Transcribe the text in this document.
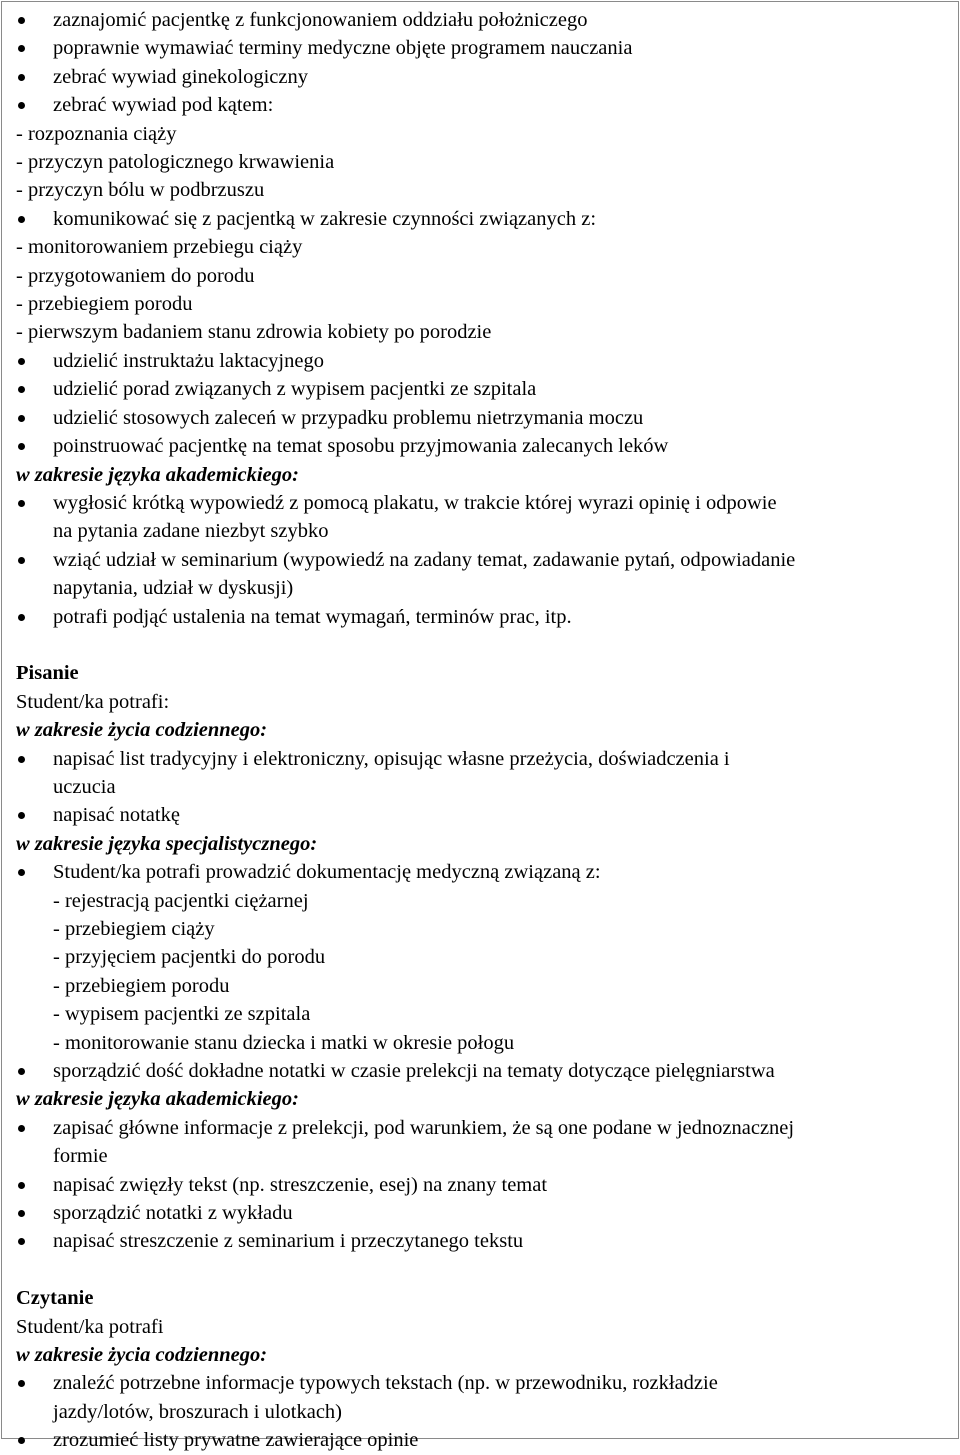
zaznajomić pacjentkę z funkcjonowaniem oddziału położniczego
poprawnie wymawiać terminy medyczne objęte programem nauczania
zebrać wywiad ginekologiczny
zebrać wywiad pod kątem:
- rozpoznania ciąży
- przyczyn patologicznego krwawienia
- przyczyn bólu w podbrzuszu
komunikować się z pacjentką w zakresie czynności związanych z:
- monitorowaniem przebiegu ciąży
- przygotowaniem do porodu
- przebiegiem porodu
- pierwszym badaniem stanu zdrowia kobiety po porodzie
udzielić instruktażu laktacyjnego
udzielić porad związanych z wypisem pacjentki ze szpitala
udzielić stosowych zaleceń w przypadku problemu nietrzymania moczu
poinstruować pacjentkę na temat sposobu przyjmowania zalecanych leków
w zakresie języka akademickiego:
wygłosić krótką wypowiedź z pomocą plakatu, w trakcie której wyrazi opinię i odpowie
na pytania zadane niezbyt szybko
wziąć udział w seminarium (wypowiedź na zadany temat, zadawanie pytań, odpowiadanie
napytania, udział w dyskusji)
potrafi podjąć ustalenia na temat wymagań, terminów prac, itp.
Pisanie
Student/ka potrafi:
w zakresie życia codziennego:
napisać list tradycyjny i elektroniczny, opisując własne przeżycia, doświadczenia i
uczucia
napisać notatkę
w zakresie języka specjalistycznego:
Student/ka potrafi prowadzić dokumentację medyczną związaną z:
- rejestracją pacjentki ciężarnej
- przebiegiem ciąży
- przyjęciem pacjentki do porodu
- przebiegiem porodu
- wypisem pacjentki ze szpitala
- monitorowanie stanu dziecka i matki w okresie połogu
sporządzić dość dokładne notatki w czasie prelekcji na tematy dotyczące pielęgniarstwa
w zakresie języka akademickiego:
zapisać główne informacje z prelekcji, pod warunkiem, że są one podane w jednoznacznej
formie
napisać zwięzły tekst (np. streszczenie, esej) na znany temat
sporządzić notatki z wykładu
napisać streszczenie z seminarium i przeczytanego tekstu
Czytanie
Student/ka potrafi
w zakresie życia codziennego:
znaleźć potrzebne informacje typowych tekstach (np. w przewodniku, rozkładzie
jazdy/lotów, broszurach i ulotkach)
zrozumieć listy prywatne zawierające opinie
